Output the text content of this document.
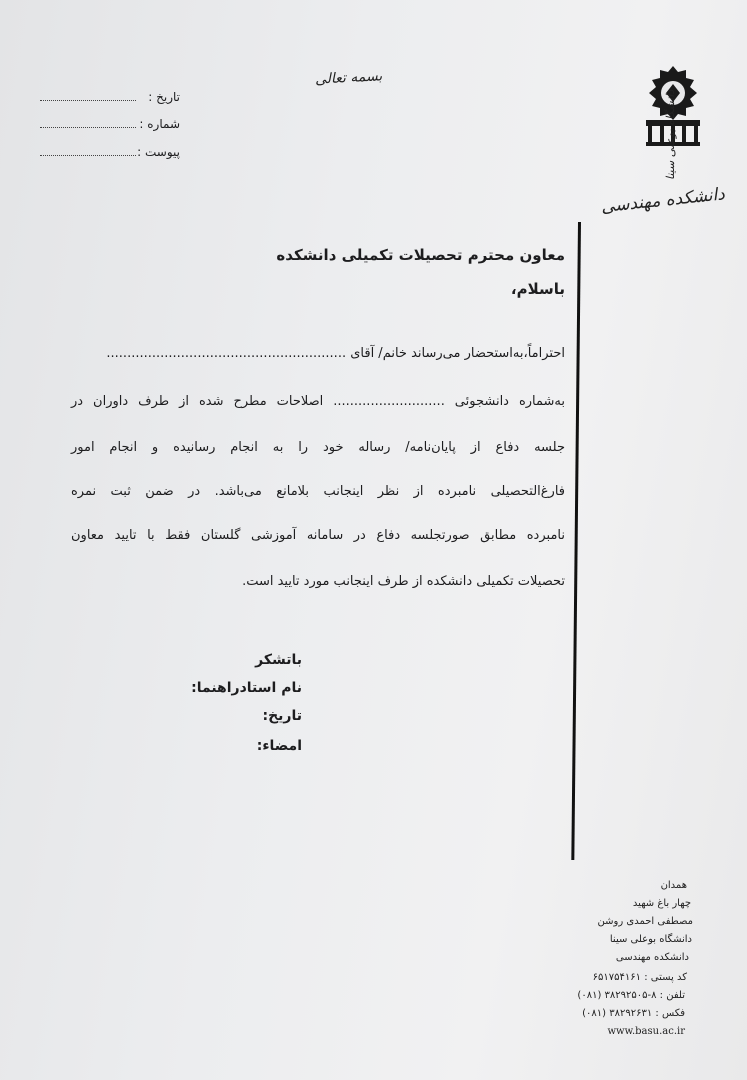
بسمه تعالی
تاریخ :
شماره :
پیوست :	دانشگاه بوعلی سینا
دانشکده مهندسی
معاون محترم تحصیلات تکمیلی دانشکده
باسلام،
احتراماً،به‌استحضار می‌رساند خانم/ آقای ..........................................................
به‌شماره دانشجوئی ........................... اصلاحات مطرح شده از طرف داوران در
جلسه دفاع از پایان‌نامه/ رساله خود را به انجام رسانیده و انجام امور
فارغ‌التحصیلی نامبرده از نظر اینجانب بلامانع می‌باشد. در ضمن ثبت نمره
نامبرده مطابق صورتجلسه دفاع در سامانه آموزشی گلستان فقط با تایید معاون
تحصیلات تکمیلی دانشکده از طرف اینجانب مورد تایید است.
باتشکر
نام استادراهنما:
تاریخ:
امضاء:
همدان
چهار باغ شهید
مصطفی احمدی روشن
دانشگاه بوعلی سینا
دانشکده مهندسی
کد پستی : ۶۵۱۷۵۴۱۶۱
تلفن : ۸-۳۸۲۹۲۵۰۵ (۰۸۱)
فکس : ۳۸۲۹۲۶۳۱ (۰۸۱)
www.basu.ac.ir
